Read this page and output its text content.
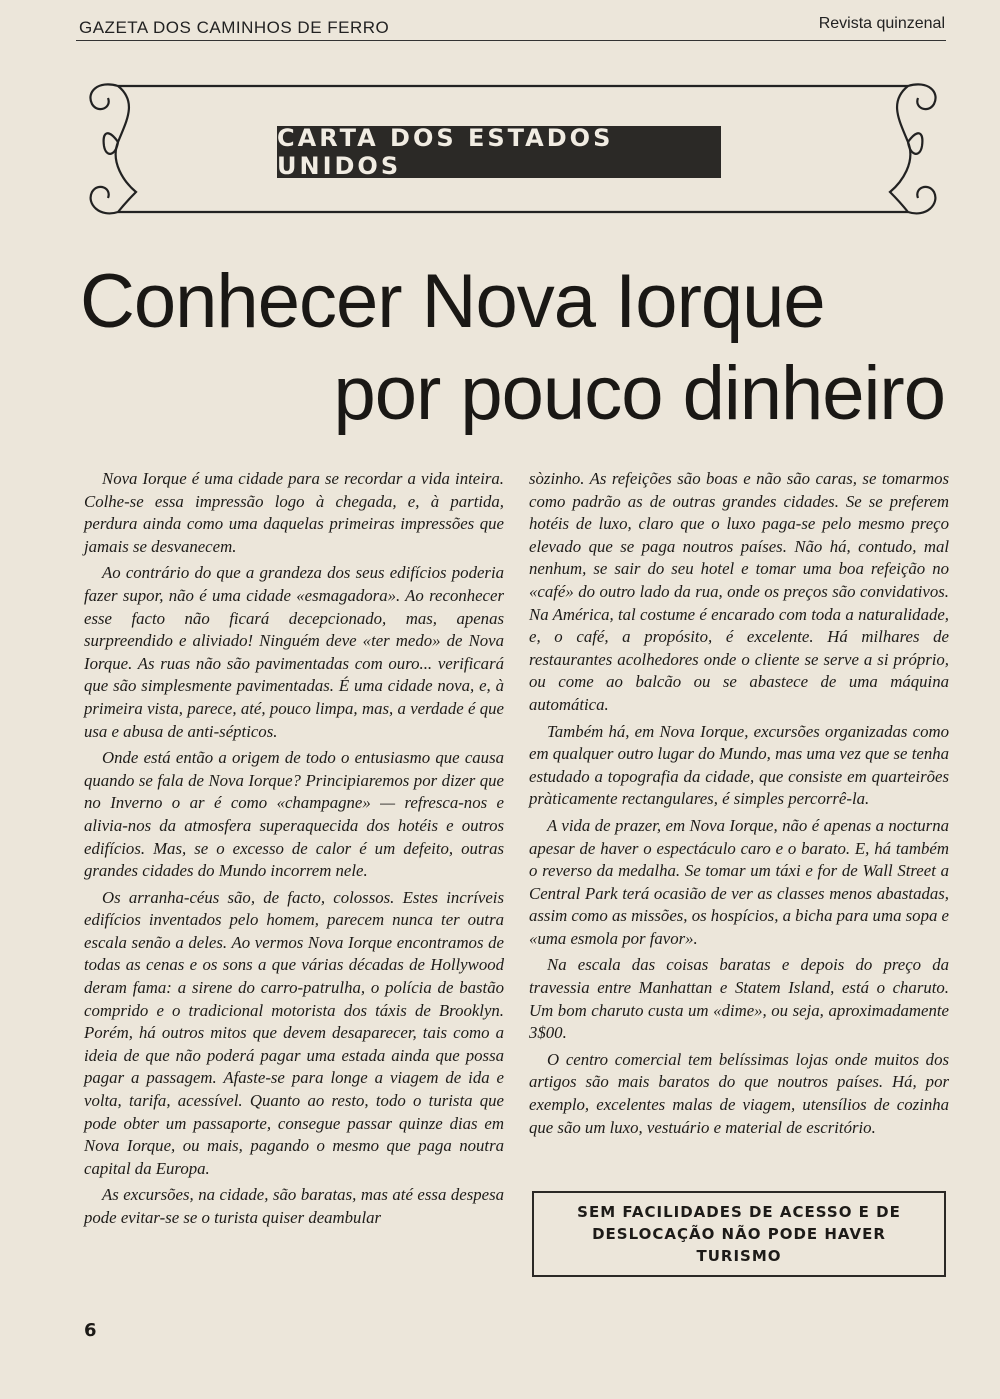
GAZETA DOS CAMINHOS DE FERRO	Revista quinzenal
CARTA DOS ESTADOS UNIDOS
Conhecer Nova Iorque
por pouco dinheiro

Nova Iorque é uma cidade para se recordar a vida inteira. Colhe-se essa impressão logo à chegada, e, à partida, perdura ainda como uma daquelas primeiras impressões que jamais se desvanecem.

Ao contrário do que a grandeza dos seus edifícios poderia fazer supor, não é uma cidade «esmagadora». Ao reconhecer esse facto não ficará decepcionado, mas, apenas surpreendido e aliviado! Ninguém deve «ter medo» de Nova Iorque. As ruas não são pavimentadas com ouro... verificará que são simplesmente pavimentadas. É uma cidade nova, e, à primeira vista, parece, até, pouco limpa, mas, a verdade é que usa e abusa de anti-sépticos.

Onde está então a origem de todo o entusiasmo que causa quando se fala de Nova Iorque? Principiaremos por dizer que no Inverno o ar é como «champagne» — refresca-nos e alivia-nos da atmosfera superaquecida dos hotéis e outros edifícios. Mas, se o excesso de calor é um defeito, outras grandes cidades do Mundo incorrem nele.

Os arranha-céus são, de facto, colossos. Estes incríveis edifícios inventados pelo homem, parecem nunca ter outra escala senão a deles. Ao vermos Nova Iorque encontramos de todas as cenas e os sons a que várias décadas de Hollywood deram fama: a sirene do carro-patrulha, o polícia de bastão comprido e o tradicional motorista dos táxis de Brooklyn. Porém, há outros mitos que devem desaparecer, tais como a ideia de que não poderá pagar uma estada ainda que possa pagar a passagem. Afaste-se para longe a viagem de ida e volta, tarifa, acessível. Quanto ao resto, todo o turista que pode obter um passaporte, consegue passar quinze dias em Nova Iorque, ou mais, pagando o mesmo que paga noutra capital da Europa.

As excursões, na cidade, são baratas, mas até essa despesa pode evitar-se se o turista quiser deambular

sòzinho. As refeições são boas e não são caras, se tomarmos como padrão as de outras grandes cidades. Se se preferem hotéis de luxo, claro que o luxo paga-se pelo mesmo preço elevado que se paga noutros países. Não há, contudo, mal nenhum, se sair do seu hotel e tomar uma boa refeição no «café» do outro lado da rua, onde os preços são convidativos. Na América, tal costume é encarado com toda a naturalidade, e, o café, a propósito, é excelente. Há milhares de restaurantes acolhedores onde o cliente se serve a si próprio, ou come ao balcão ou se abastece de uma máquina automática.

Também há, em Nova Iorque, excursões organizadas como em qualquer outro lugar do Mundo, mas uma vez que se tenha estudado a topografia da cidade, que consiste em quarteirões pràticamente rectangulares, é simples percorrê-la.

A vida de prazer, em Nova Iorque, não é apenas a nocturna apesar de haver o espectáculo caro e o barato. E, há também o reverso da medalha. Se tomar um táxi e for de Wall Street a Central Park terá ocasião de ver as classes menos abastadas, assim como as missões, os hospícios, a bicha para uma sopa e «uma esmola por favor».

Na escala das coisas baratas e depois do preço da travessia entre Manhattan e Statem Island, está o charuto. Um bom charuto custa um «dime», ou seja, aproximadamente 3$00.

O centro comercial tem belíssimas lojas onde muitos dos artigos são mais baratos do que noutros países. Há, por exemplo, excelentes malas de viagem, utensílios de cozinha que são um luxo, vestuário e material de escritório.

SEM FACILIDADES DE ACESSO E DE DESLOCAÇÃO NÃO PODE HAVER TURISMO
6
